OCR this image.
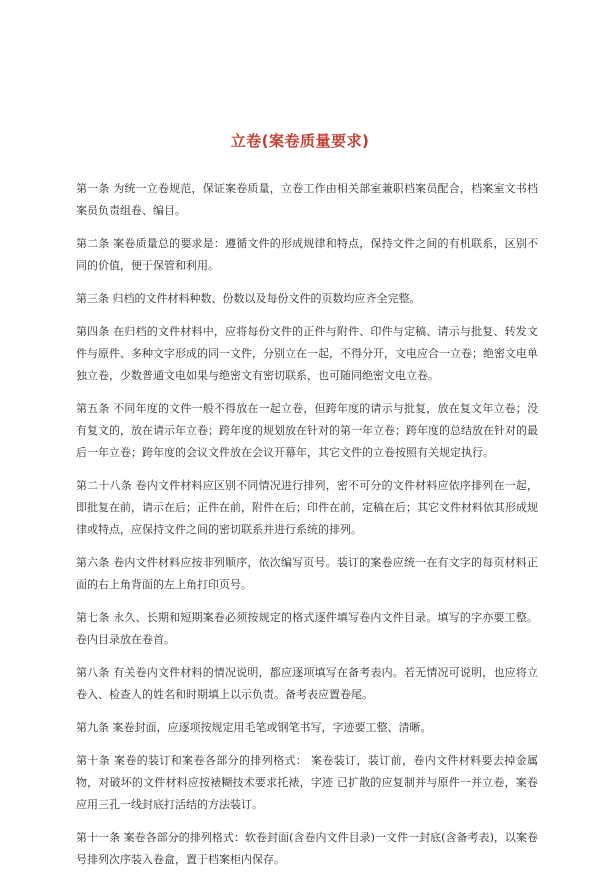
立卷(案卷质量要求)

第一条 为统一立卷规范，保证案卷质量，立卷工作由相关部室兼职档案员配合，档案室文书档案员负责组卷、编目。

第二条 案卷质量总的要求是：遵循文件的形成规律和特点，保持文件之间的有机联系，区别不同的价值，便于保管和利用。

第三条 归档的文件材料种数、份数以及每份文件的页数均应齐全完整。

第四条 在归档的文件材料中，应将每份文件的正件与附件、印件与定稿、请示与批复、转发文件与原件、多种文字形成的同一文件，分别立在一起，不得分开，文电应合一立卷；绝密文电单独立卷，少数普通文电如果与绝密文有密切联系，也可随同绝密文电立卷。

第五条 不同年度的文件一般不得放在一起立卷，但跨年度的请示与批复，放在复文年立卷；没有复文的，放在请示年立卷；跨年度的规划放在针对的第一年立卷；跨年度的总结放在针对的最后一年立卷；跨年度的会议文件放在会议开幕年，其它文件的立卷按照有关规定执行。

第二十八条 卷内文件材料应区别不同情况进行排列，密不可分的文件材料应依序排列在一起，即批复在前，请示在后；正件在前，附件在后；印件在前，定稿在后；其它文件材料依其形成规律或特点，应保持文件之间的密切联系并进行系统的排列。

第六条 卷内文件材料应按非列顺序，依次编写页号。装订的案卷应统一在有文字的每页材料正面的右上角背面的左上角打印页号。

第七条 永久、长期和短期案卷必须按规定的格式逐件填写卷内文件目录。填写的字亦要工整。卷内目录放在卷首。

第八条 有关卷内文件材料的情况说明，都应逐项填写在备考表内。若无情况可说明，也应将立卷入、检查人的姓名和时期填上以示负责。备考表应置卷尾。

第九条 案卷封面，应逐项按规定用毛笔或钢笔书写，字迹要工整、清晰。

第十条 案卷的装订和案卷各部分的排列格式： 案卷装订，装订前，卷内文件材料要去掉金属物，对破坏的文件材料应按裱糊技术要求托裱，字迹 已扩散的应复制并与原件一并立卷，案卷应用三孔一线封底打活结的方法装订。

第十一条 案卷各部分的排列格式：软卷封面(含卷内文件目录)一文件一封底(含备考表)，以案卷号排列次序装入卷盒，置于档案柜内保存。
